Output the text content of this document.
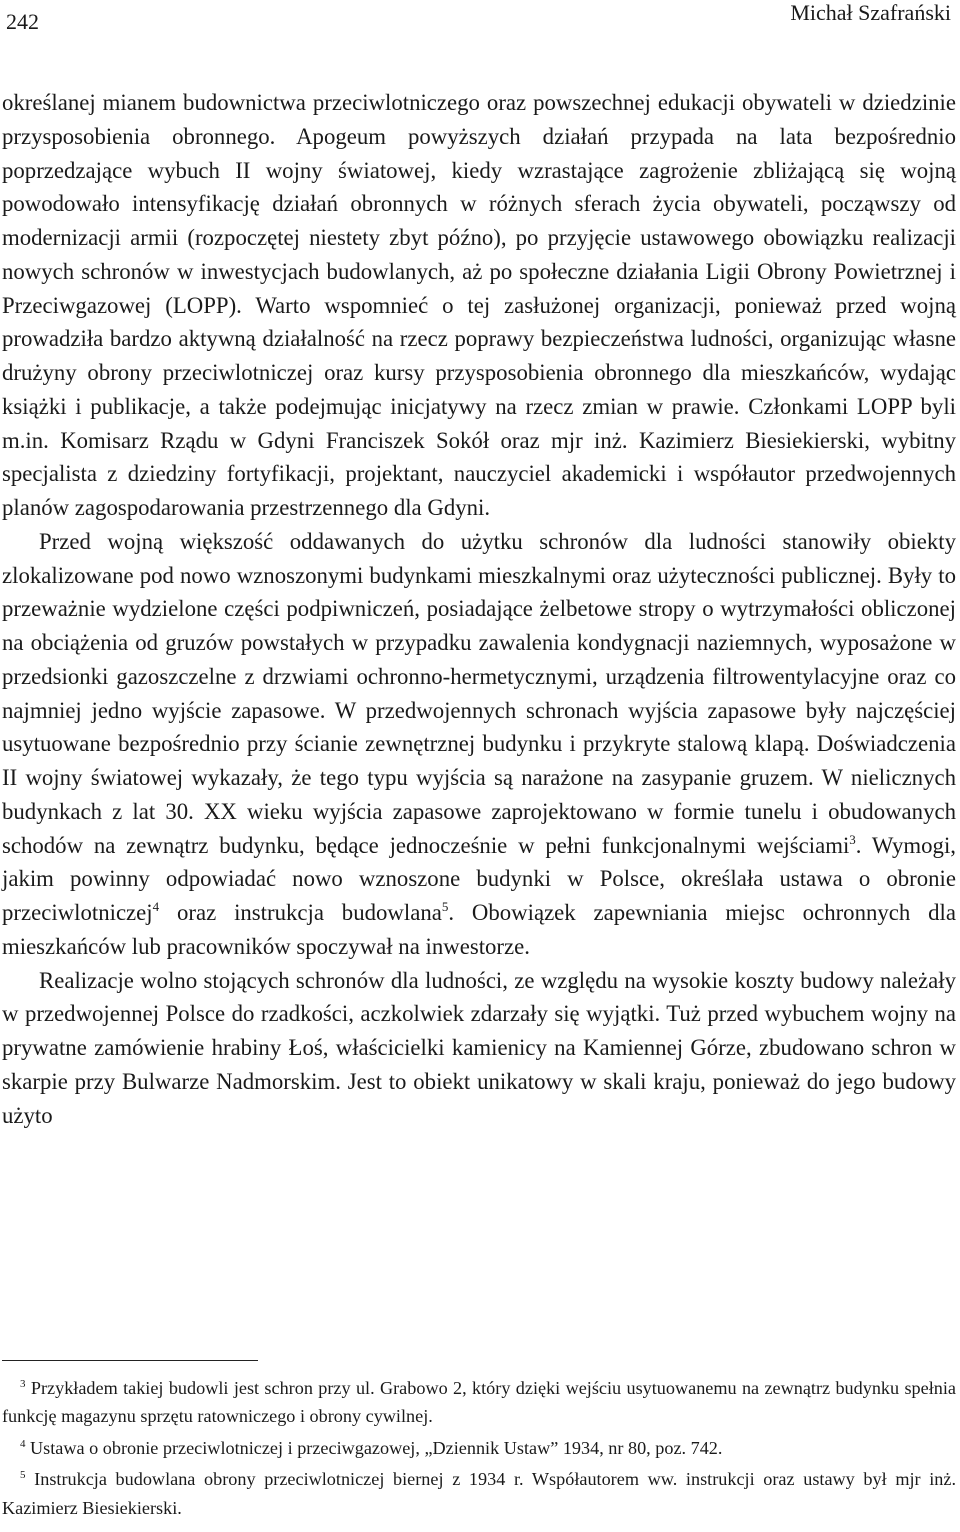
242	Michał Szafrański

określanej mianem budownictwa przeciwlotniczego oraz powszechnej edukacji obywateli w dziedzinie przysposobienia obronnego. Apogeum powyższych działań przypada na lata bezpośrednio poprzedzające wybuch II wojny światowej, kiedy wzrastające zagrożenie zbliżającą się wojną powodowało intensyfikację działań obronnych w różnych sferach życia obywateli, począwszy od modernizacji armii (rozpoczętej niestety zbyt późno), po przyjęcie ustawowego obowiązku realizacji nowych schronów w inwestycjach budowlanych, aż po społeczne działania Ligii Obrony Powietrznej i Przeciwgazowej (LOPP). Warto wspomnieć o tej zasłużonej organizacji, ponieważ przed wojną prowadziła bardzo aktywną działalność na rzecz poprawy bezpieczeństwa ludności, organizując własne drużyny obrony przeciwlotniczej oraz kursy przysposobienia obronnego dla mieszkańców, wydając książki i publikacje, a także podejmując inicjatywy na rzecz zmian w prawie. Członkami LOPP byli m.in. Komisarz Rządu w Gdyni Franciszek Sokół oraz mjr inż. Kazimierz Biesiekierski, wybitny specjalista z dziedziny fortyfikacji, projektant, nauczyciel akademicki i współautor przedwojennych planów zagospodarowania przestrzennego dla Gdyni.

Przed wojną większość oddawanych do użytku schronów dla ludności stanowiły obiekty zlokalizowane pod nowo wznoszonymi budynkami mieszkalnymi oraz użyteczności publicznej. Były to przeważnie wydzielone części podpiwniczeń, posiadające żelbetowe stropy o wytrzymałości obliczonej na obciążenia od gruzów powstałych w przypadku zawalenia kondygnacji naziemnych, wyposażone w przedsionki gazoszczelne z drzwiami ochronno-hermetycznymi, urządzenia filtrowentylacyjne oraz co najmniej jedno wyjście zapasowe. W przedwojennych schronach wyjścia zapasowe były najczęściej usytuowane bezpośrednio przy ścianie zewnętrznej budynku i przykryte stalową klapą. Doświadczenia II wojny światowej wykazały, że tego typu wyjścia są narażone na zasypanie gruzem. W nielicznych budynkach z lat 30. XX wieku wyjścia zapasowe zaprojektowano w formie tunelu i obudowanych schodów na zewnątrz budynku, będące jednocześnie w pełni funkcjonalnymi wejściami$^3$. Wymogi, jakim powinny odpowiadać nowo wznoszone budynki w Polsce, określała ustawa o obronie przeciwlotniczej$^4$ oraz instrukcja budowlana$^5$. Obowiązek zapewniania miejsc ochronnych dla mieszkańców lub pracowników spoczywał na inwestorze.

Realizacje wolno stojących schronów dla ludności, ze względu na wysokie koszty budowy należały w przedwojennej Polsce do rzadkości, aczkolwiek zdarzały się wyjątki. Tuż przed wybuchem wojny na prywatne zamówienie hrabiny Łoś, właścicielki kamienicy na Kamiennej Górze, zbudowano schron w skarpie przy Bulwarze Nadmorskim. Jest to obiekt unikatowy w skali kraju, ponieważ do jego budowy użyto

$^3$ Przykładem takiej budowli jest schron przy ul. Grabowo 2, który dzięki wejściu usytuowanemu na zewnątrz budynku spełnia funkcję magazynu sprzętu ratowniczego i obrony cywilnej.

$^4$ Ustawa o obronie przeciwlotniczej i przeciwgazowej, „Dziennik Ustaw” 1934, nr 80, poz. 742.

$^5$ Instrukcja budowlana obrony przeciwlotniczej biernej z 1934 r. Współautorem ww. instrukcji oraz ustawy był mjr inż. Kazimierz Biesiekierski.
